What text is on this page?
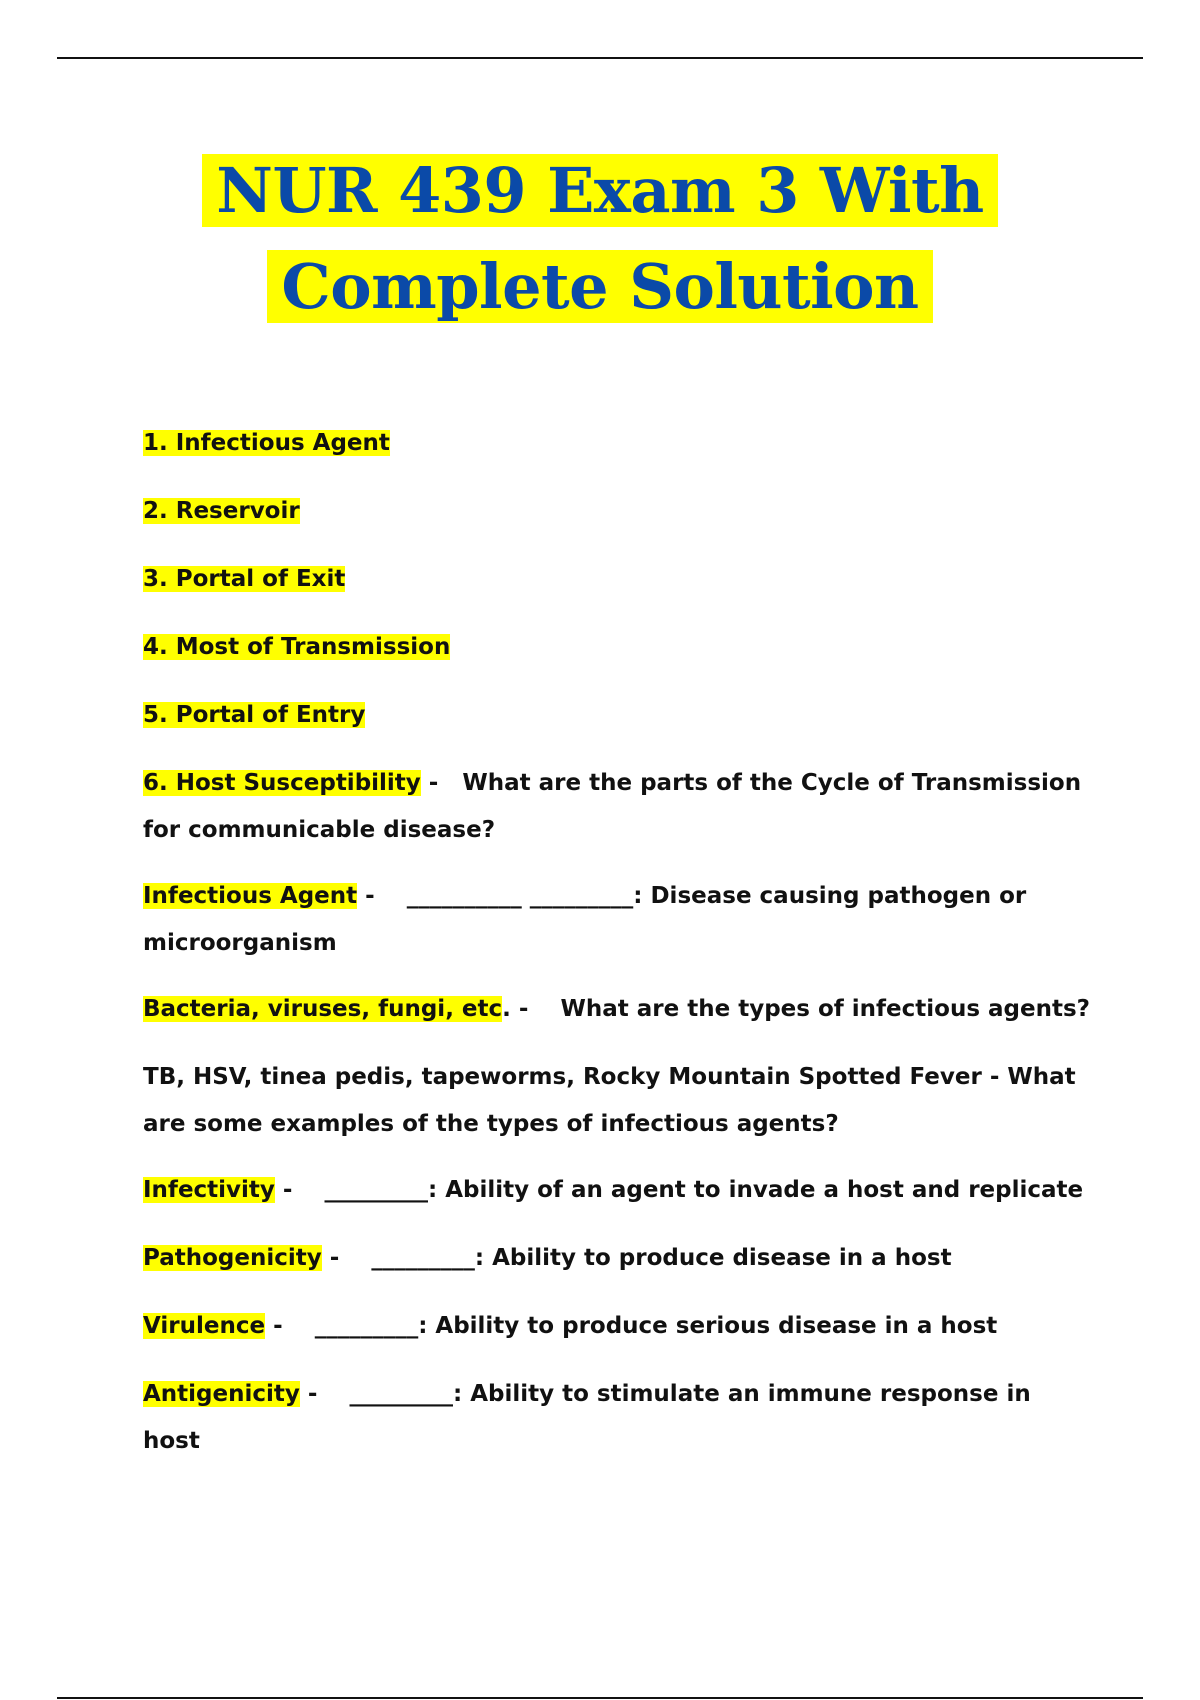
NUR 439 Exam 3 With
Complete Solution
1. Infectious Agent
2. Reservoir
3. Portal of Exit
4. Most of Transmission
5. Portal of Entry
6. Host Susceptibility -   What are the parts of the Cycle of Transmission for communicable disease?
Infectious Agent -    __________ _________: Disease causing pathogen or microorganism
Bacteria, viruses, fungi, etc. -    What are the types of infectious agents?
TB, HSV, tinea pedis, tapeworms, Rocky Mountain Spotted Fever - What are some examples of the types of infectious agents?
Infectivity -    _________: Ability of an agent to invade a host and replicate
Pathogenicity -    _________: Ability to produce disease in a host
Virulence -    _________: Ability to produce serious disease in a host
Antigenicity -    _________: Ability to stimulate an immune response in host
